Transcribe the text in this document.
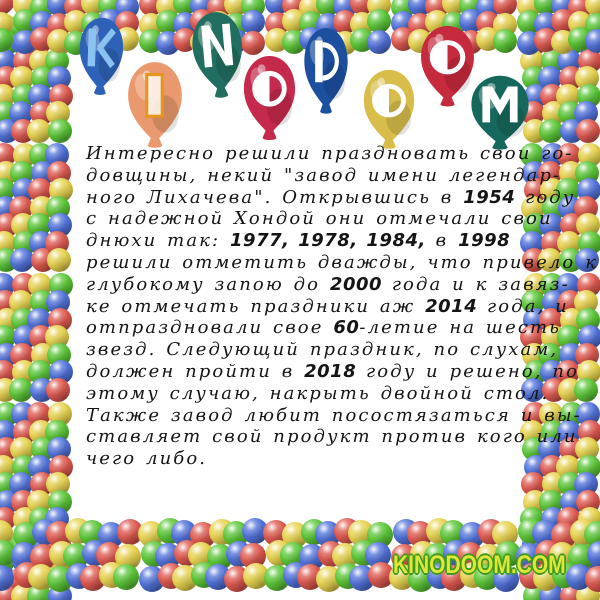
Интересно решили праздновать свои го-
довщины, некий "завод имени легендар-
ного Лихачева". Открывшись в 1954 году
с надежной Хондой они отмечали свои
днюхи так: 1977, 1978, 1984, в 1998
решили отметить дважды, что привело к
глубокому запою до 2000 года и к завяз-
ке отмечать праздники аж 2014 года, и
отпраздновали свое 60-летие на шесть
звезд. Следующий праздник, по слухам,
должен пройти в 2018 году и решено, по
этому случаю, накрыть двойной стол.
Также завод любит посостязаться и вы-
ставляет свой продукт против кого или
чего либо.
KINODOOM.COM
